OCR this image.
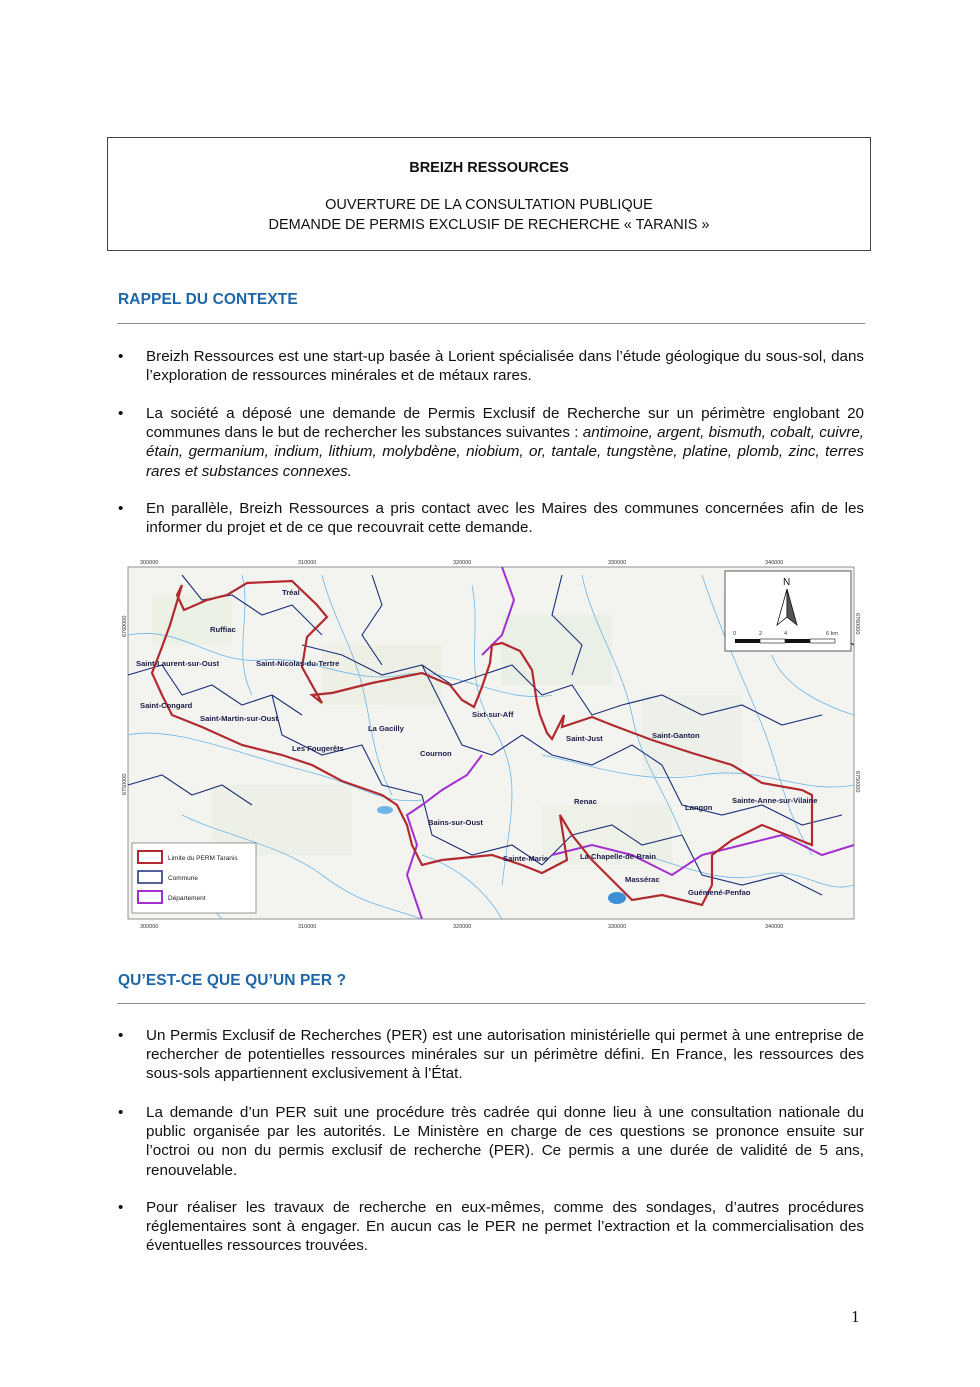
BREIZH RESSOURCES
OUVERTURE DE LA CONSULTATION PUBLIQUE
DEMANDE DE PERMIS EXCLUSIF DE RECHERCHE « TARANIS »
RAPPEL DU CONTEXTE
•	Breizh Ressources est une start-up basée à Lorient spécialisée dans l’étude géologique du sous-sol, dans l’exploration de ressources minérales et de métaux rares.
•	La société a déposé une demande de Permis Exclusif de Recherche sur un périmètre englobant 20 communes dans le but de rechercher les substances suivantes : antimoine, argent, bismuth, cobalt, cuivre, étain, germanium, indium, lithium, molybdène, niobium, or, tantale, tungstène, platine, plomb, zinc, terres rares et substances connexes.
•	En parallèle, Breizh Ressources a pris contact avec les Maires des communes concernées afin de les informer du projet et de ce que recouvrait cette demande.
300000
300000
310000
310000
320000
320000
330000
330000
340000
340000
6760000	6760000
6750000	6750000
Tréal
Ruffiac
Saint-Laurent-sur-Oust	Saint-Nicolas-du-Tertre
Saint-Congard
Saint-Martin-sur-Oust
La Gacilly
Sixt-sur-Aff
Saint-Just	Saint-Ganton
Les Fougerêts
Cournon
Renac
Langon
Sainte-Anne-sur-Vilaine
Bains-sur-Oust
Sainte-Marie	La Chapelle-de-Brain
Massérac
Guémené-Penfao
N
0	2	4	6 km
Limite du PERM Taranis
Commune
Département
QU’EST-CE QUE QU’UN PER ?
•	Un Permis Exclusif de Recherches (PER) est une autorisation ministérielle qui permet à une entreprise de rechercher de potentielles ressources minérales sur un périmètre défini. En France, les ressources des sous-sols appartiennent exclusivement à l’État.
•	La demande d’un PER suit une procédure très cadrée qui donne lieu à une consultation nationale du public organisée par les autorités. Le Ministère en charge de ces questions se prononce ensuite sur l’octroi ou non du permis exclusif de recherche (PER). Ce permis a une durée de validité de 5 ans, renouvelable.
•	Pour réaliser les travaux de recherche en eux-mêmes, comme des sondages, d’autres procédures réglementaires sont à engager. En aucun cas le PER ne permet l’extraction et la commercialisation des éventuelles ressources trouvées.
1
